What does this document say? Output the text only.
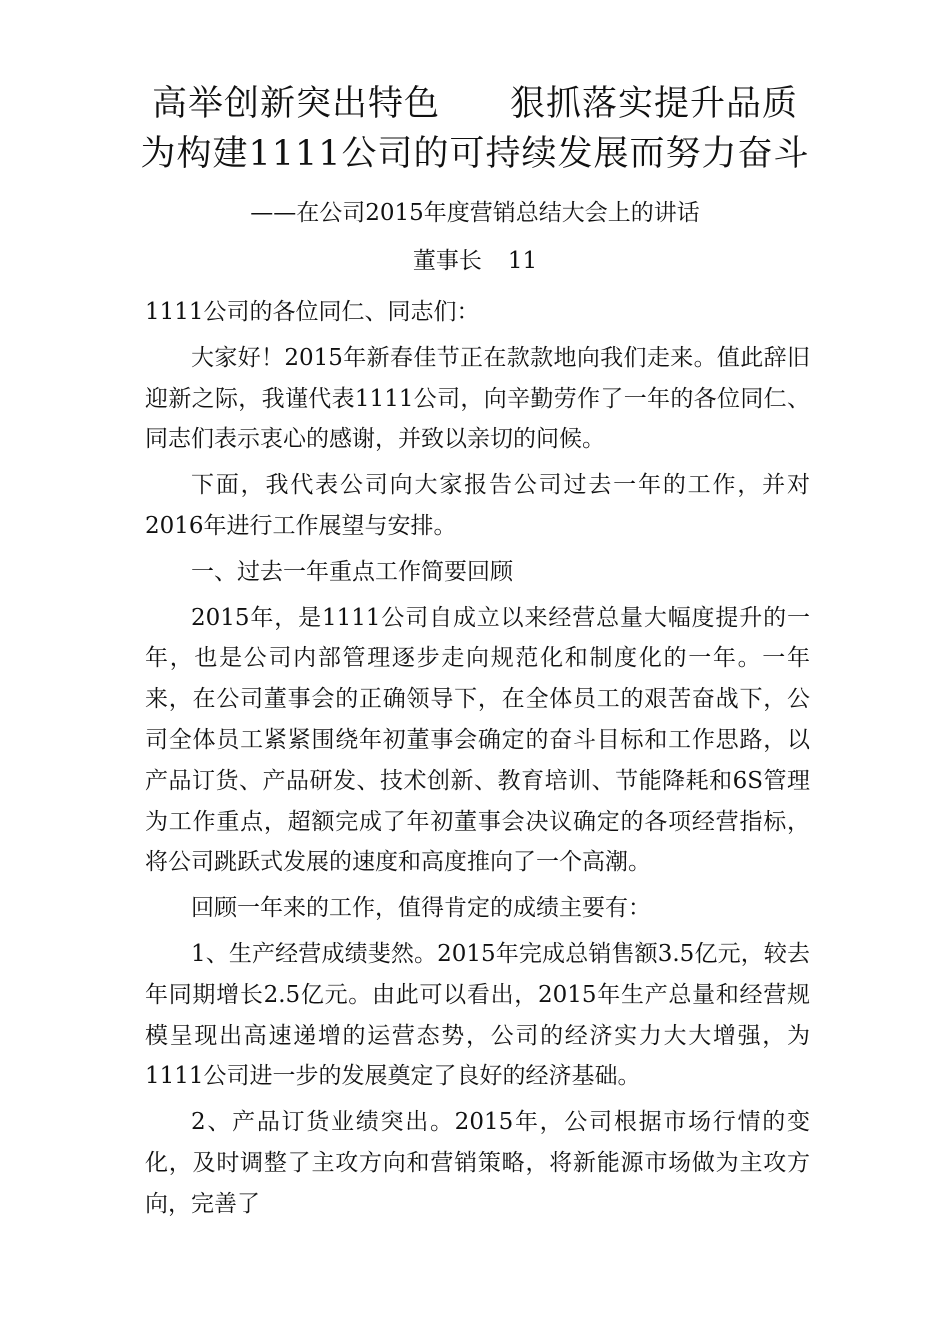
高举创新突出特色 狠抓落实提升品质
为构建1111公司的可持续发展而努力奋斗
——在公司2015年度营销总结大会上的讲话
董事长 11

1111公司的各位同仁、同志们：

大家好！2015年新春佳节正在款款地向我们走来。值此辞旧迎新之际，我谨代表1111公司，向辛勤劳作了一年的各位同仁、同志们表示衷心的感谢，并致以亲切的问候。

下面，我代表公司向大家报告公司过去一年的工作，并对2016年进行工作展望与安排。

一、过去一年重点工作简要回顾

2015年，是1111公司自成立以来经营总量大幅度提升的一年，也是公司内部管理逐步走向规范化和制度化的一年。一年来，在公司董事会的正确领导下，在全体员工的艰苦奋战下，公司全体员工紧紧围绕年初董事会确定的奋斗目标和工作思路，以产品订货、产品研发、技术创新、教育培训、节能降耗和6S管理为工作重点，超额完成了年初董事会决议确定的各项经营指标，将公司跳跃式发展的速度和高度推向了一个高潮。

回顾一年来的工作，值得肯定的成绩主要有：

1、生产经营成绩斐然。2015年完成总销售额3.5亿元，较去年同期增长2.5亿元。由此可以看出，2015年生产总量和经营规模呈现出高速递增的运营态势，公司的经济实力大大增强，为1111公司进一步的发展奠定了良好的经济基础。

2、产品订货业绩突出。2015年，公司根据市场行情的变化，及时调整了主攻方向和营销策略，将新能源市场做为主攻方向，完善了
